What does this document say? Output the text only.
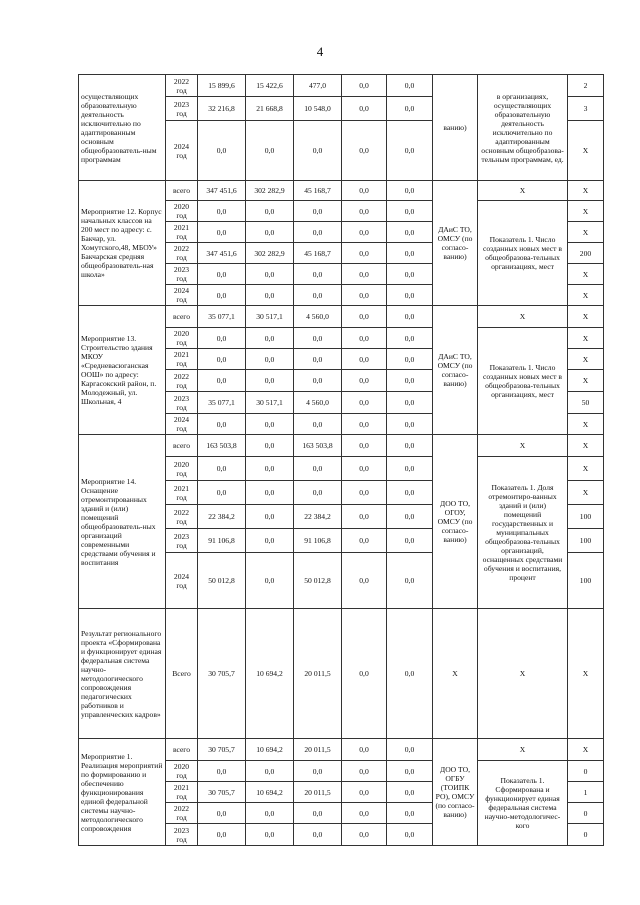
4
осуществляющих образовательную деятельность исключительно по адаптированным основным общеобразователь-ным программам	2022 год	15 899,6	15 422,6	477,0	0,0	0,0	ванию)	в организациях, осуществляющих образовательную деятельность исключительно по адаптированным основным общеобразова-тельным программам, ед.	2
	2023 год	32 216,8	21 668,8	10 548,0	0,0	0,0			3
	2024 год	0,0	0,0	0,0	0,0	0,0			Х
Мероприятие 12. Корпус начальных классов на 200 мест по адресу: с. Бакчар, ул. Хомутского,48, МБОУ» Бакчарская средняя общеобразователь-ная школа»	всего	347 451,6	302 282,9	45 168,7	0,0	0,0	ДАиС ТО, ОМСУ (по согласо-ванию)	Х	Х
	2020 год	0,0	0,0	0,0	0,0	0,0		Показатель 1. Число созданных новых мест в общеобразова-тельных организациях, мест	Х
	2021 год	0,0	0,0	0,0	0,0	0,0			Х
	2022 год	347 451,6	302 282,9	45 168,7	0,0	0,0			200
	2023 год	0,0	0,0	0,0	0,0	0,0			Х
	2024 год	0,0	0,0	0,0	0,0	0,0			Х
Мероприятие 13. Строительство здания МКОУ «Средневасюганская ООШ» по адресу: Каргасокский район, п. Молодежный, ул. Школьная, 4	всего	35 077,1	30 517,1	4 560,0	0,0	0,0	ДАиС ТО, ОМСУ (по согласо-ванию)	Х	Х
	2020 год	0,0	0,0	0,0	0,0	0,0		Показатель 1. Число созданных новых мест в общеобразова-тельных организациях, мест	Х
	2021 год	0,0	0,0	0,0	0,0	0,0			Х
	2022 год	0,0	0,0	0,0	0,0	0,0			Х
	2023 год	35 077,1	30 517,1	4 560,0	0,0	0,0			50
	2024 год	0,0	0,0	0,0	0,0	0,0			Х
Мероприятие 14. Оснащение отремонтированных зданий и (или) помещений общеобразователь-ных организаций современными средствами обучения и воспитания	всего	163 503,8	0,0	163 503,8	0,0	0,0	ДОО ТО, ОГОУ, ОМСУ (по согласо-ванию)	Х	Х
	2020 год	0,0	0,0	0,0	0,0	0,0		Показатель 1. Доля отремонтиро-ванных зданий и (или) помещений государственных и муниципальных общеобразова-тельных организаций, оснащенных средствами обучения и воспитания, процент	Х
	2021 год	0,0	0,0	0,0	0,0	0,0			Х
	2022 год	22 384,2	0,0	22 384,2	0,0	0,0			100
	2023 год	91 106,8	0,0	91 106,8	0,0	0,0			100
	2024 год	50 012,8	0,0	50 012,8	0,0	0,0			100
Результат регионального проекта «Сформирована и функционирует единая федеральная система научно-методологического сопровождения педагогических работников и управленческих кадров»	Всего	30 705,7	10 694,2	20 011,5	0,0	0,0	Х	Х	Х
Мероприятие 1. Реализация мероприятий по формированию и обеспечению функционирования единой федеральной системы научно-методологического сопровождения	всего	30 705,7	10 694,2	20 011,5	0,0	0,0	ДОО ТО, ОГБУ (ТОИПК РО), ОМСУ (по согласо-ванию)	Х	Х
	2020 год	0,0	0,0	0,0	0,0	0,0		Показатель 1. Сформирована и функционирует единая федеральная система научно-методологичес-кого	0
	2021 год	30 705,7	10 694,2	20 011,5	0,0	0,0			1
	2022 год	0,0	0,0	0,0	0,0	0,0			0
	2023 год	0,0	0,0	0,0	0,0	0,0			0
